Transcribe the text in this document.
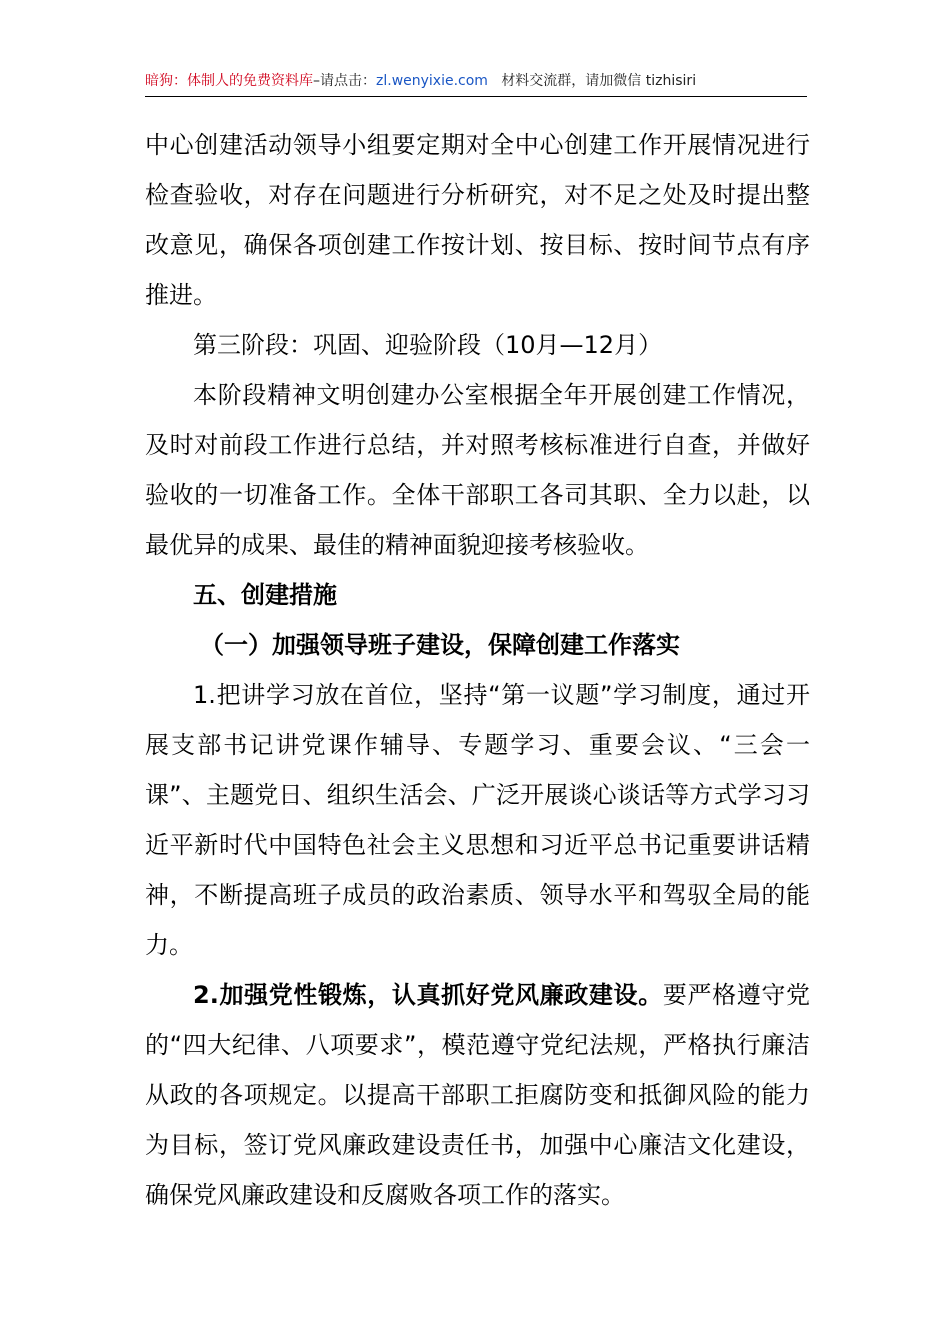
暗狗：体制人的免费资料库–请点击：zl.wenyixie.com 材料交流群，请加微信 tizhisiri

中心创建活动领导小组要定期对全中心创建工作开展情况进行检查验收，对存在问题进行分析研究，对不足之处及时提出整改意见，确保各项创建工作按计划、按目标、按时间节点有序推进。

第三阶段：巩固、迎验阶段（10月—12月）

本阶段精神文明创建办公室根据全年开展创建工作情况，及时对前段工作进行总结，并对照考核标准进行自查，并做好验收的一切准备工作。全体干部职工各司其职、全力以赴，以最优异的成果、最佳的精神面貌迎接考核验收。

五、创建措施

（一）加强领导班子建设，保障创建工作落实

1.把讲学习放在首位，坚持“第一议题”学习制度，通过开展支部书记讲党课作辅导、专题学习、重要会议、“三会一课”、主题党日、组织生活会、广泛开展谈心谈话等方式学习习近平新时代中国特色社会主义思想和习近平总书记重要讲话精神，不断提高班子成员的政治素质、领导水平和驾驭全局的能力。

2.加强党性锻炼，认真抓好党风廉政建设。要严格遵守党的“四大纪律、八项要求”，模范遵守党纪法规，严格执行廉洁从政的各项规定。以提高干部职工拒腐防变和抵御风险的能力为目标，签订党风廉政建设责任书，加强中心廉洁文化建设，确保党风廉政建设和反腐败各项工作的落实。
